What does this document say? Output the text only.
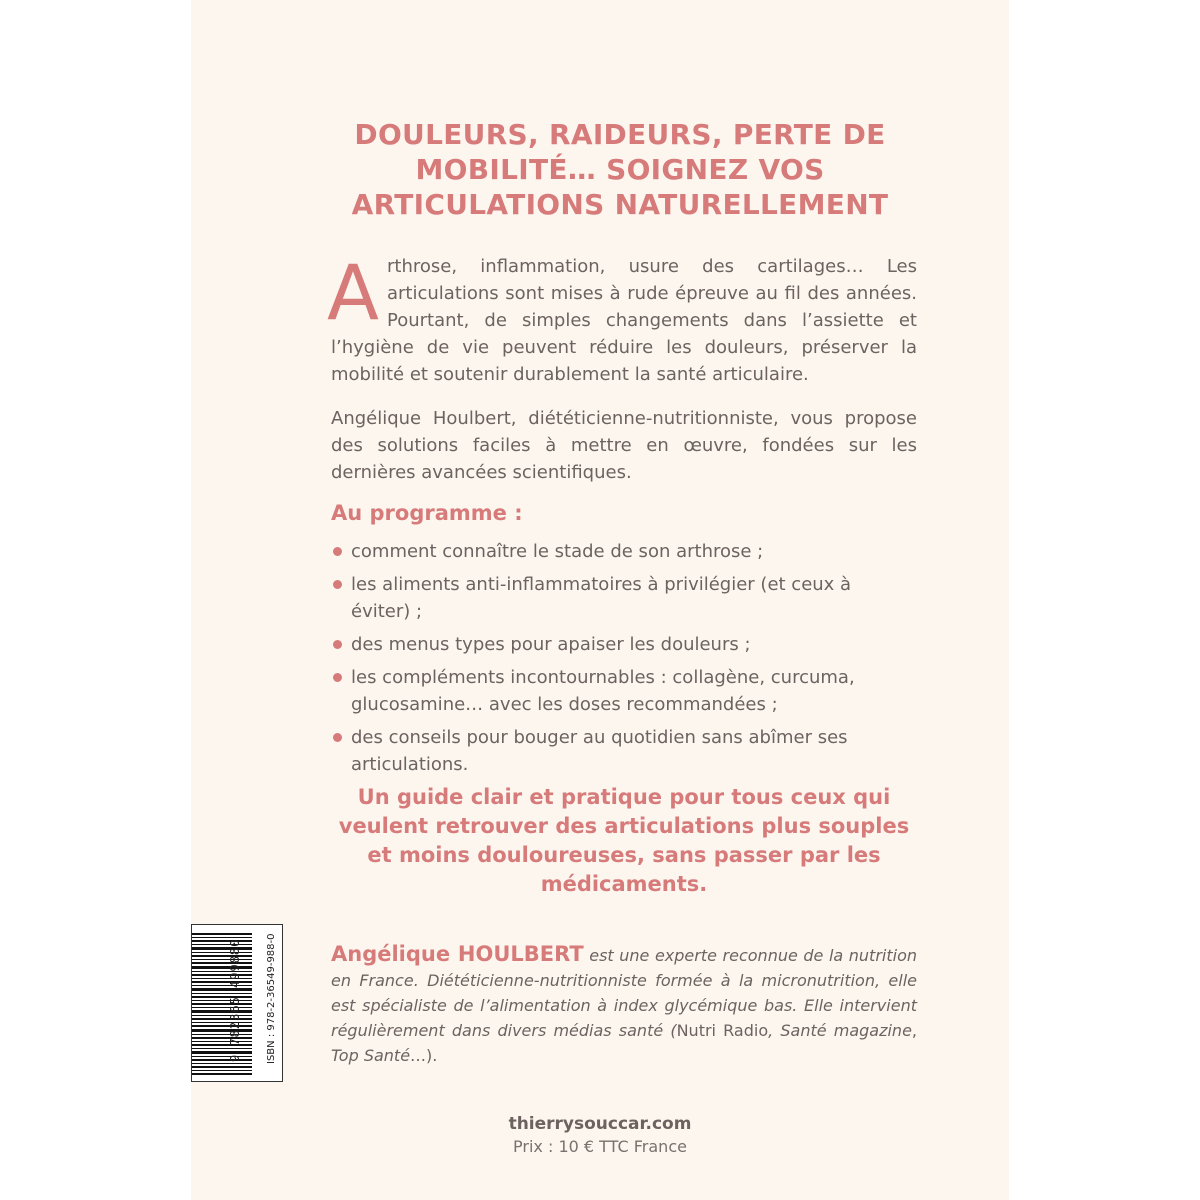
DOULEURS, RAIDEURS, PERTE DE MOBILITÉ… SOIGNEZ VOS ARTICULATIONS NATURELLEMENT

Arthrose, inflammation, usure des cartilages… Les articulations sont mises à rude épreuve au fil des années. Pourtant, de simples changements dans l’assiette et l’hygiène de vie peuvent réduire les douleurs, préserver la mobilité et soutenir durablement la santé articulaire.

Angélique Houlbert, diététicienne-nutritionniste, vous propose des solutions faciles à mettre en œuvre, fondées sur les dernières avancées scientifiques.

Au programme :
comment connaître le stade de son arthrose ;
les aliments anti-inflammatoires à privilégier (et ceux à éviter) ;
des menus types pour apaiser les douleurs ;
les compléments incontournables : collagène, curcuma, glucosamine… avec les doses recommandées ;
des conseils pour bouger au quotidien sans abîmer ses articulations.

Un guide clair et pratique pour tous ceux qui veulent retrouver des articulations plus souples et moins douloureuses, sans passer par les médicaments.

Angélique HOULBERT est une experte reconnue de la nutrition en France. Diététicienne-nutritionniste formée à la micronutrition, elle est spécialiste de l’alimentation à index glycémique bas. Elle intervient régulièrement dans divers médias santé (Nutri Radio, Santé magazine, Top Santé…).

thierrysouccar.com

Prix : 10 € TTC France

9 782365 499880 ISBN : 978-2-36549-988-0
